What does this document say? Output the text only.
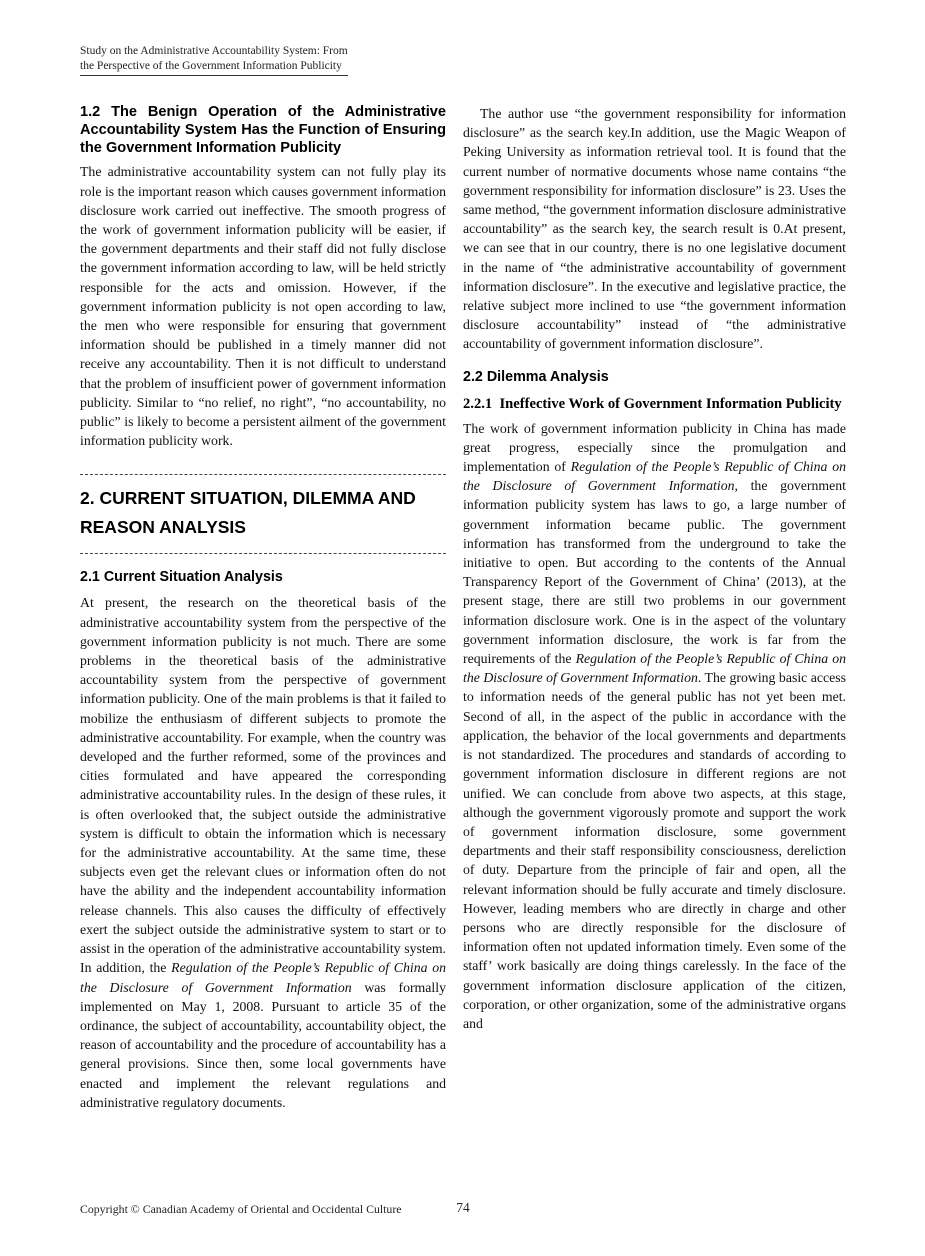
Study on the Administrative Accountability System: From
the Perspective of the Government Information Publicity
1.2 The Benign Operation of the Administrative Accountability System Has the Function of Ensuring the Government Information Publicity

The administrative accountability system can not fully play its role is the important reason which causes government information disclosure work carried out ineffective. The smooth progress of the work of government information publicity will be easier, if the government departments and their staff did not fully disclose the government information according to law, will be held strictly responsible for the acts and omission. However, if the government information publicity is not open according to law, the men who were responsible for ensuring that government information should be published in a timely manner did not receive any accountability. Then it is not difficult to understand that the problem of insufficient power of government information publicity. Similar to “no relief, no right”, “no accountability, no public” is likely to become a persistent ailment of the government information publicity work.

2. CURRENT SITUATION, DILEMMA AND REASON ANALYSIS
2.1 Current Situation Analysis

At present, the research on the theoretical basis of the administrative accountability system from the perspective of the government information publicity is not much. There are some problems in the theoretical basis of the administrative accountability system from the perspective of government information publicity. One of the main problems is that it failed to mobilize the enthusiasm of different subjects to promote the administrative accountability. For example, when the country was developed and the further reformed, some of the provinces and cities formulated and have appeared the corresponding administrative accountability rules. In the design of these rules, it is often overlooked that, the subject outside the administrative system is difficult to obtain the information which is necessary for the administrative accountability. At the same time, these subjects even get the relevant clues or information often do not have the ability and the independent accountability information release channels. This also causes the difficulty of effectively exert the subject outside the administrative system to start or to assist in the operation of the administrative accountability system. In addition, the Regulation of the People’s Republic of China on the Disclosure of Government Information was formally implemented on May 1, 2008. Pursuant to article 35 of the ordinance, the subject of accountability, accountability object, the reason of accountability and the procedure of accountability has a general provisions. Since then, some local governments have enacted and implement the relevant regulations and administrative regulatory documents.

The author use “the government responsibility for information disclosure” as the search key.In addition, use the Magic Weapon of Peking University as information retrieval tool. It is found that the current number of normative documents whose name contains “the government responsibility for information disclosure” is 23. Uses the same method, “the government information disclosure administrative accountability” as the search key, the search result is 0.At present, we can see that in our country, there is no one legislative document in the name of “the administrative accountability of government information disclosure”. In the executive and legislative practice, the relative subject more inclined to use “the government information disclosure accountability” instead of “the administrative accountability of government information disclosure”.

2.2 Dilemma Analysis
2.2.1  Ineffective Work of Government Information Publicity

The work of government information publicity in China has made great progress, especially since the promulgation and implementation of Regulation of the People’s Republic of China on the Disclosure of Government Information, the government information publicity system has laws to go, a large number of government information became public. The government information has transformed from the underground to take the initiative to open. But according to the contents of the Annual Transparency Report of the Government of China’ (2013), at the present stage, there are still two problems in our government information disclosure work. One is in the aspect of the voluntary government information disclosure, the work is far from the requirements of the Regulation of the People’s Republic of China on the Disclosure of Government Information. The growing basic access to information needs of the general public has not yet been met. Second of all, in the aspect of the public in accordance with the application, the behavior of the local governments and departments is not standardized. The procedures and standards of according to government information disclosure in different regions are not unified. We can conclude from above two aspects, at this stage, although the government vigorously promote and support the work of government information disclosure, some government departments and their staff responsibility consciousness, dereliction of duty. Departure from the principle of fair and open, all the relevant information should be fully accurate and timely disclosure. However, leading members who are directly in charge and other persons who are directly responsible for the disclosure of information often not updated information timely. Even some of the staff’ work basically are doing things carelessly. In the face of the government information disclosure application of the citizen, corporation, or other organization, some of the administrative organs and

74
Copyright © Canadian Academy of Oriental and Occidental Culture
